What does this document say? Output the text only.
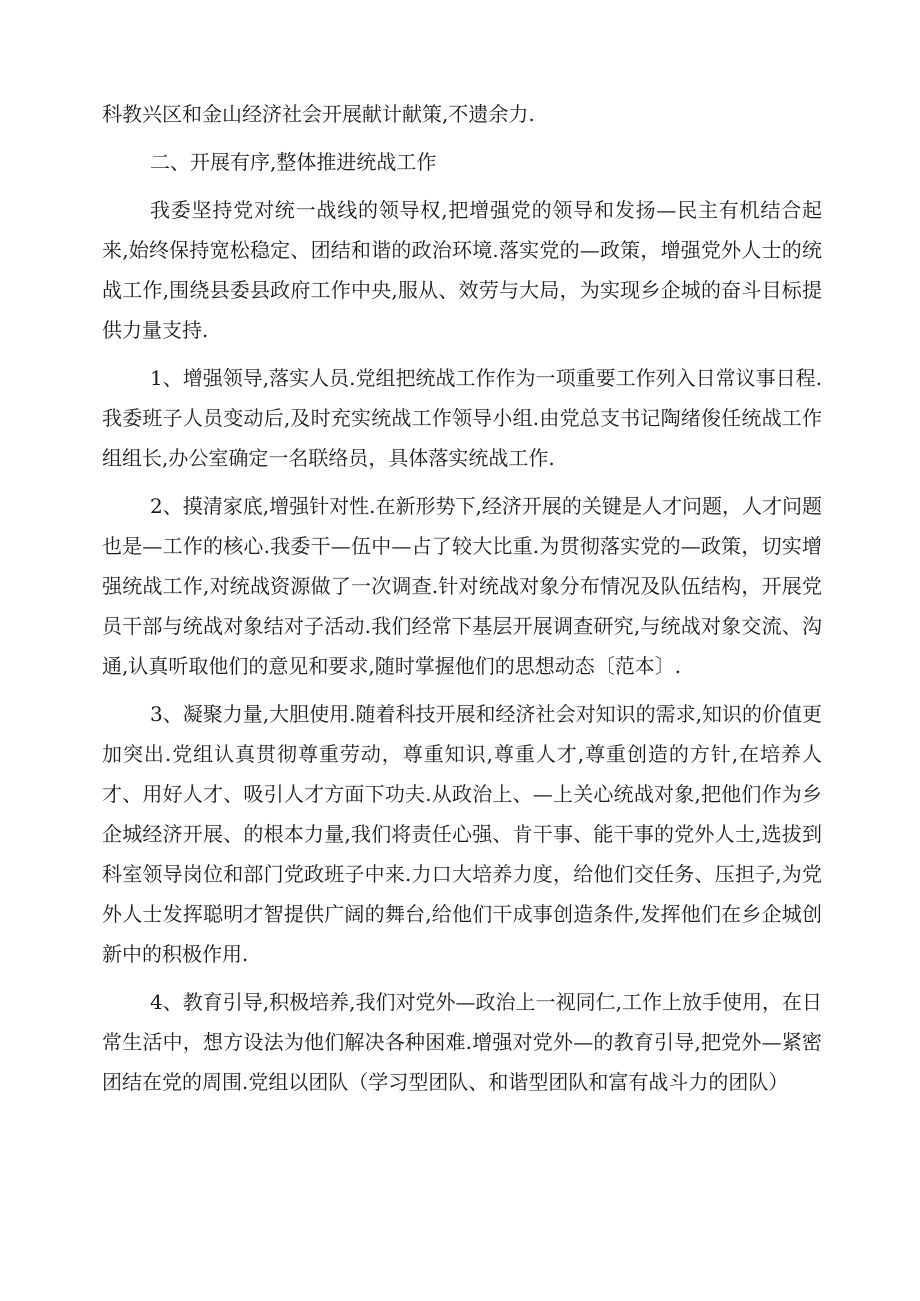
科教兴区和金山经济社会开展献计献策,不遗余力.

二、开展有序,整体推进统战工作

我委坚持党对统一战线的领导权,把增强党的领导和发扬—民主有机结合起来,始终保持宽松稳定、团结和谐的政治环境.落实党的—政策，增强党外人士的统战工作,围绕县委县政府工作中央,服从、效劳与大局，为实现乡企城的奋斗目标提供力量支持.

1、增强领导,落实人员.党组把统战工作作为一项重要工作列入日常议事日程.我委班子人员变动后,及时充实统战工作领导小组.由党总支书记陶绪俊任统战工作组组长,办公室确定一名联络员，具体落实统战工作.

2、摸清家底,增强针对性.在新形势下,经济开展的关键是人才问题，人才问题也是—工作的核心.我委干—伍中—占了较大比重.为贯彻落实党的—政策，切实增强统战工作,对统战资源做了一次调查.针对统战对象分布情况及队伍结构，开展党员干部与统战对象结对子活动.我们经常下基层开展调查研究,与统战对象交流、沟通,认真听取他们的意见和要求,随时掌握他们的思想动态〔范本〕.

3、凝聚力量,大胆使用.随着科技开展和经济社会对知识的需求,知识的价值更加突出.党组认真贯彻尊重劳动，尊重知识,尊重人才,尊重创造的方针,在培养人才、用好人才、吸引人才方面下功夫.从政治上、—上关心统战对象,把他们作为乡企城经济开展、的根本力量,我们将责任心强、肯干事、能干事的党外人士,选拔到科室领导岗位和部门党政班子中来.力口大培养力度，给他们交任务、压担子,为党外人士发挥聪明才智提供广阔的舞台,给他们干成事创造条件,发挥他们在乡企城创新中的积极作用.

4、教育引导,积极培养,我们对党外—政治上一视同仁,工作上放手使用，在日常生活中，想方设法为他们解决各种困难.增强对党外—的教育引导,把党外—紧密团结在党的周围.党组以团队（学习型团队、和谐型团队和富有战斗力的团队）
